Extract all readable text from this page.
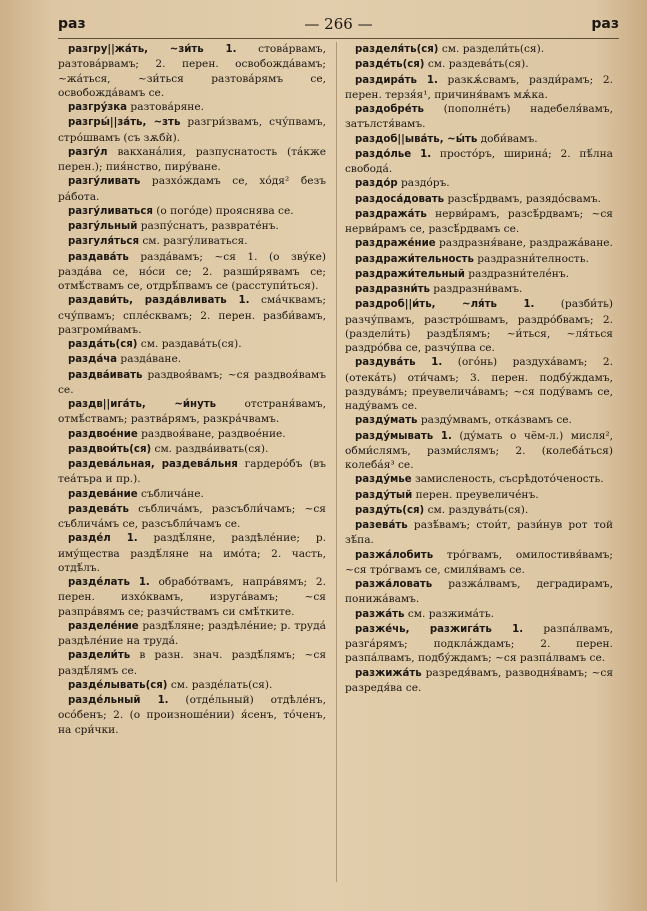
раз	— 266 —	раз
разгру||жа́ть, ~зи́ть 1. стова́рвамъ, разтова́рвамъ; 2. перен. освобожда́вамъ; ~жа́ться, ~зи́ться разтова́рямъ се, освобожда́вамъ се.
разгру́зка разтова́ряне.
разгры́||за́ть, ~зть разгри́звамъ, счу́пвамъ, стро́швамъ (съ зѫбѝ).
разгу́л вакхана́лия, разпуснатость (та́кже перен.); пия́нство, пиру́ване.
разгу́ливать разхо́ждамъ се, хо́дя² безъ ра́бота.
разгу́ливаться (о пого́де) прояснява се.
разгу́льный разпу́снатъ, разврате́нъ.
разгуля́ться см. разгу́ливаться.
раздава́ть разда́вамъ; ~ся 1. (о зву́ке) разда́ва се, но́си се; 2. разши́рявамъ се; отмѣ́ствамъ се, отдрѣ́пвамъ се (расступи́ться).
раздави́ть, разда́вливать 1. сма́чквамъ; счу́пвамъ; спле́сквамъ; 2. перен. разби́вамъ, разгроми́вамъ.
разда́ть(ся) см. раздава́ть(ся).
разда́ча разда́ване.
раздва́ивать раздвоя́вамъ; ~ся раздвоя́вамъ се.
раздв||ига́ть, ~и́нуть отстраня́вамъ, отмѣ́ствамъ; разтва́рямъ, разкра́чвамъ.
раздвое́ние раздвоя́ване, раздвое́ние.
раздвои́ть(ся) см. раздва́ивать(ся).
раздева́льная, раздева́льня гардеро́бъ (въ теа́търа и пр.).
раздева́ние съблича́не.
раздева́ть съблича́мъ, разсъбли́чамъ; ~ся съблича́мъ се, разсъбли́чамъ се.
разде́л 1. раздѣ́ляне, раздѣле́ние; р. иму́щества раздѣ́ляне на имо́та; 2. часть, отдѣ́лъ.
разде́лать 1. обрабо́твамъ, напра́вямъ; 2. перен. изхо́квамъ, изруга́вамъ; ~ся разпра́вямъ се; разчи́ствамъ си смѣ́тките.
разделе́ние раздѣ́ляне; раздѣле́ние; р. труда́ раздѣле́ние на труда́.
раздели́ть в разн. знач. раздѣ́лямъ; ~ся раздѣ́лямъ се.
разде́лывать(ся) см. разде́лать(ся).
разде́льный 1. (отде́льный) отдѣле́нъ, осо́бенъ; 2. (о произноше́нии) я́сенъ, то́ченъ, на сри́чки.
разделя́ть(ся) см. раздели́ть(ся).
разде́ть(ся) см. раздева́ть(ся).
раздира́ть 1. разкѫ́свамъ, разди́рамъ; 2. перен. терзя́я¹, причиня́вамъ мѫ́ка.
раздобре́ть (пополне́ть) надебеля́вамъ, затълстя́вамъ.
раздоб||ыва́ть, ~ы́ть доби́вамъ.
раздо́лье 1. просто́ръ, ширина́; 2. пѣ́лна свобода́.
раздо́р раздо́ръ.
раздоса́довать разсѣ́рдвамъ, разядо́свамъ.
раздража́ть нерви́рамъ, разсѣ́рдвамъ; ~ся нерви́рамъ се, разсѣ́рдвамъ се.
раздраже́ние раздразня́ване, раздража́ване.
раздражи́тельность раздразни́телность.
раздражи́тельный раздразни́теле́нъ.
раздразни́ть раздразни́вамъ.
раздроб||и́ть, ~ля́ть 1. (разби́ть) разчу́пвамъ, разстро́швамъ, раздро́бвамъ; 2. (раздели́ть) раздѣ́лямъ; ~и́ться, ~ля́ться раздро́бва се, разчу́пва се.
раздува́ть 1. (ого́нь) раздуха́вамъ; 2. (отека́ть) оти́чамъ; 3. перен. подбу́ждамъ, раздува́мъ; преувелича́вамъ; ~ся поду́вамъ се, наду́вамъ се.
разду́мать разду́мвамъ, отка́звамъ се.
разду́мывать 1. (ду́мать о чём-л.) мисля², обми́слямъ, разми́слямъ; 2. (колеба́ться) колеба́я³ се.
разду́мье замисленость, съсрѣдото́ченость.
разду́тый перен. преувеличе́нъ.
разду́ть(ся) см. раздува́ть(ся).
разева́ть разѣ́вамъ; стои́т, рази́нув рот той зѣ́па.
разжа́лобить тро́гвамъ, омилостивя́вамъ; ~ся тро́гвамъ се, смиля́вамъ се.
разжа́ловать разжа́лвамъ, деградирамъ, понижа́вамъ.
разжа́ть см. разжима́ть.
разже́чь, разжига́ть 1. разпа́лвамъ, разга́рямъ; подкла́ждамъ; 2. перен. разпа́лвамъ, подбу́ждамъ; ~ся разпа́лвамъ се.
разжижа́ть разредя́вамъ, разводня́вамъ; ~ся разредя́ва се.
